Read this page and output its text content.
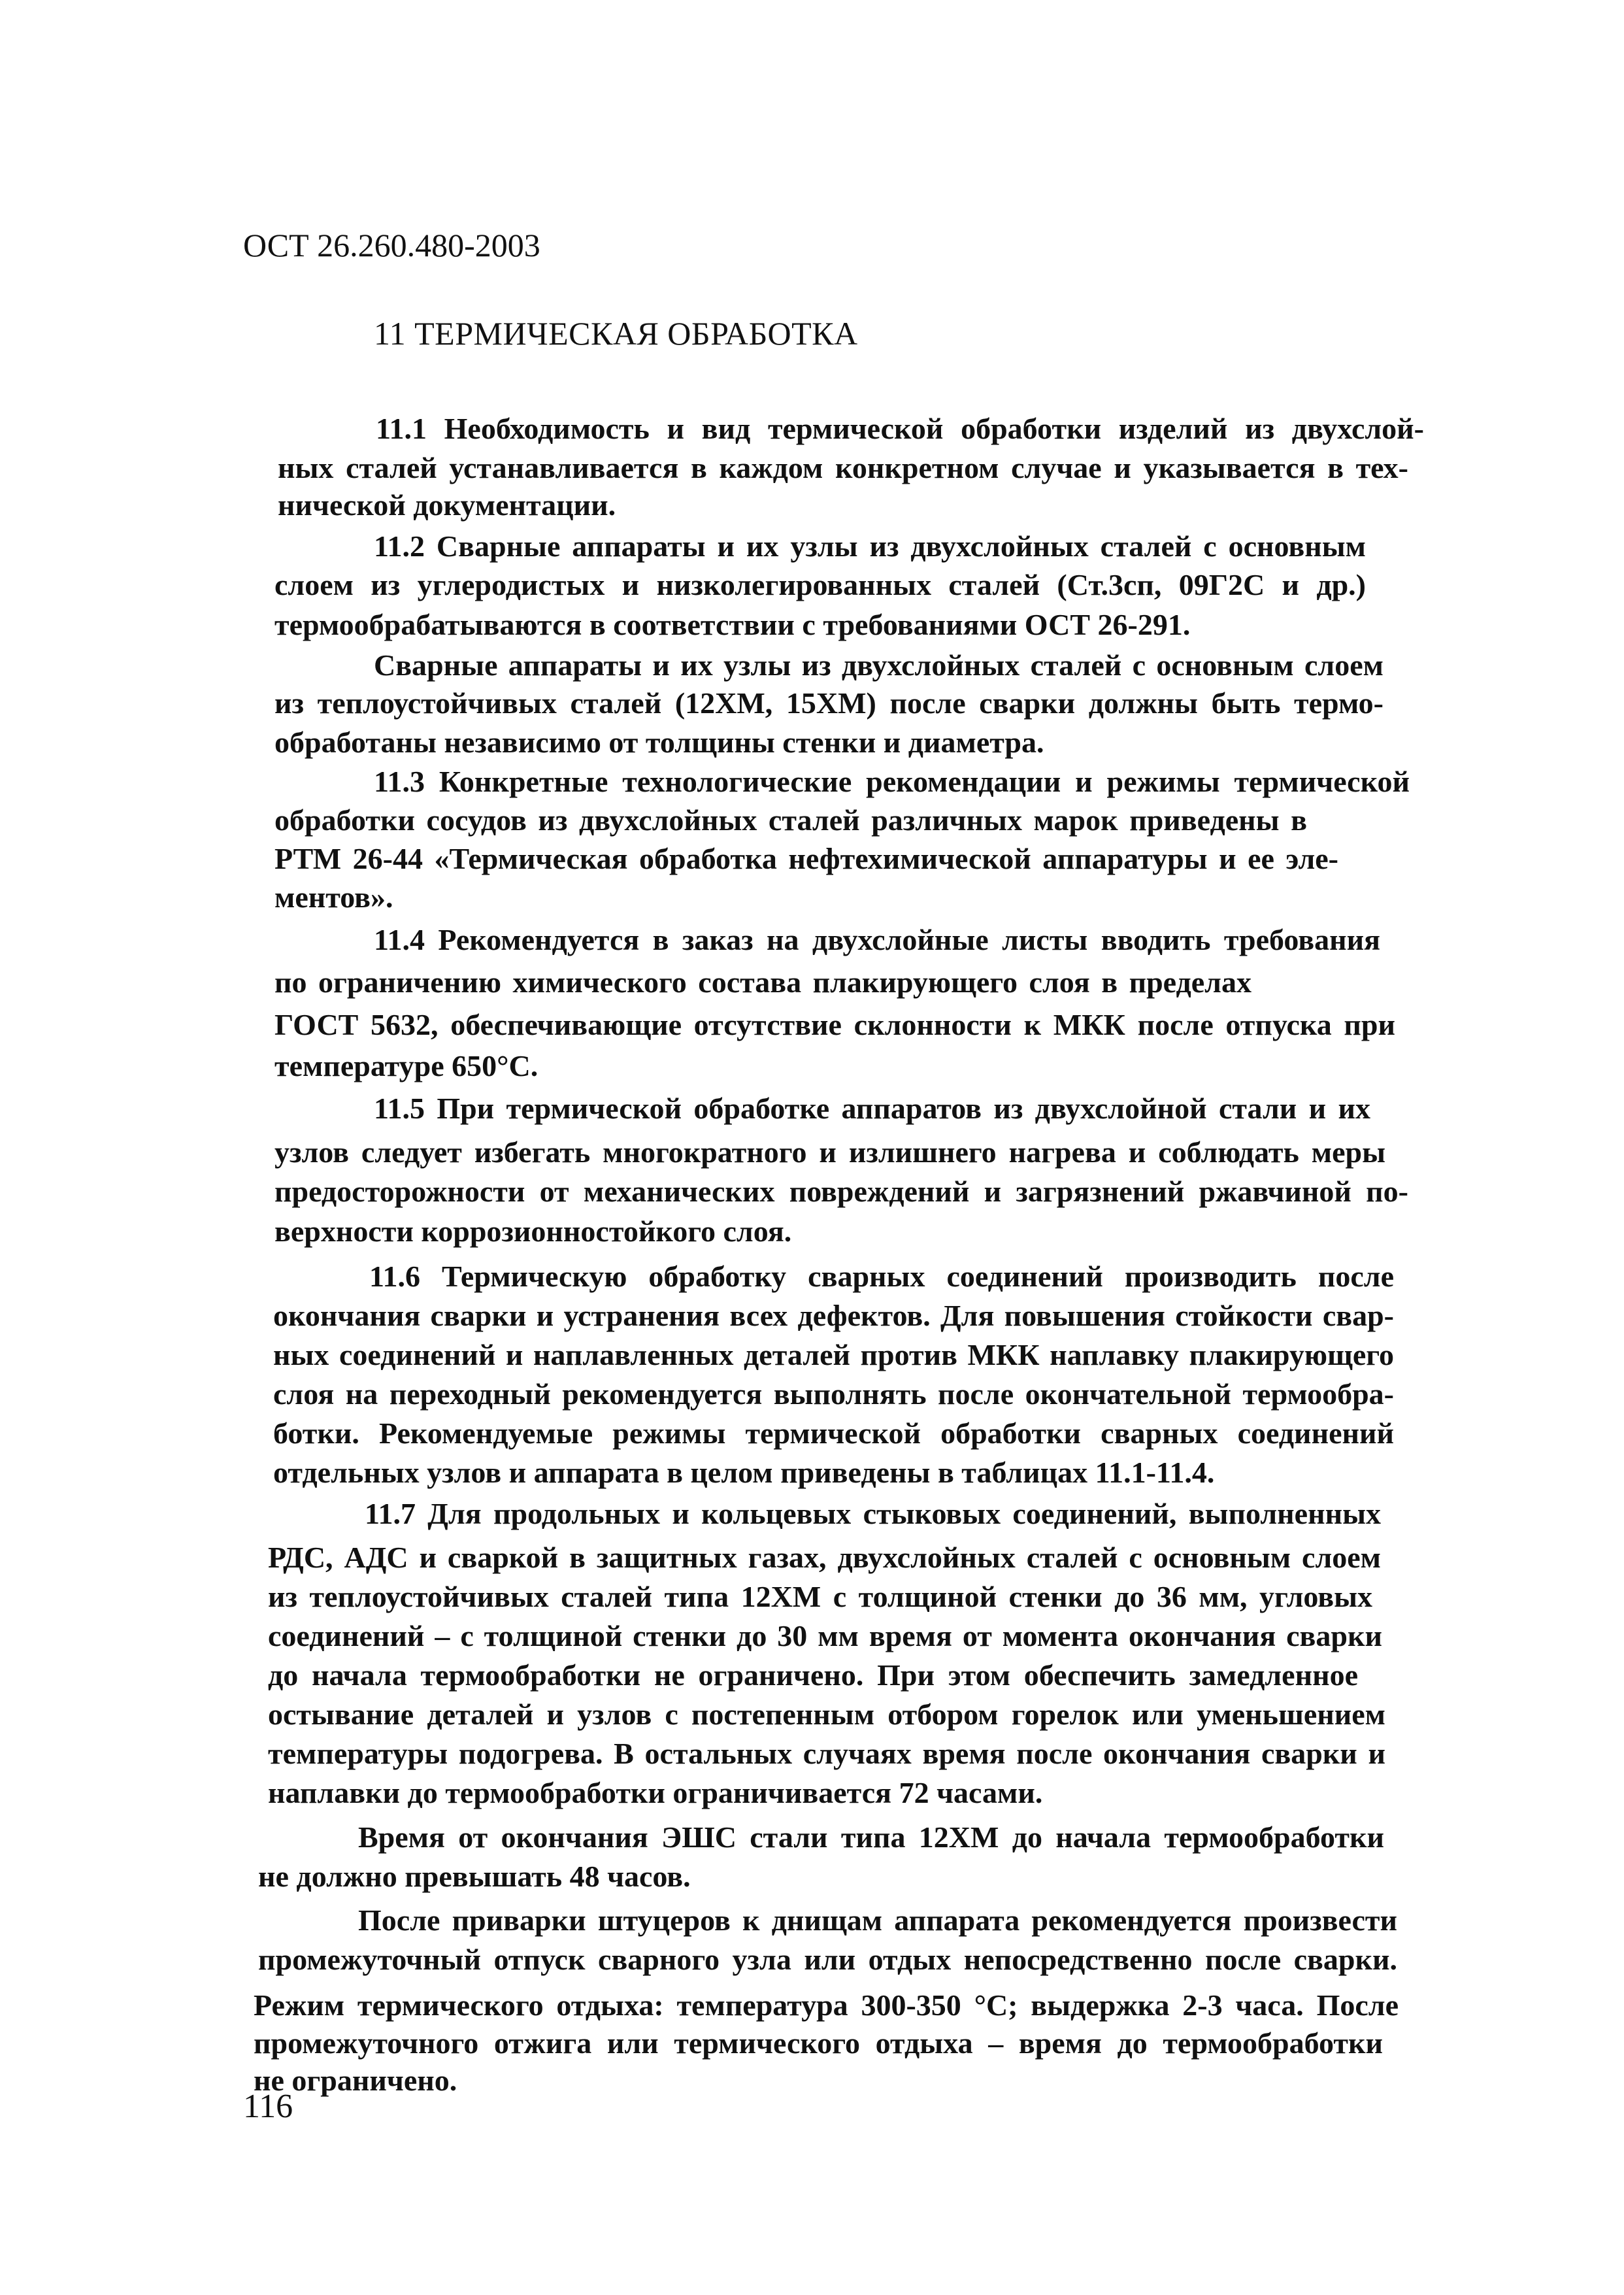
ОСТ 26.260.480-2003
11 ТЕРМИЧЕСКАЯ ОБРАБОТКА
11.1 Необходимость и вид термической обработки изделий из двухслой-
ных сталей устанавливается в каждом конкретном случае и указывается в тех-
нической документации.
11.2 Сварные аппараты и их узлы из двухслойных сталей с основным
слоем из углеродистых и низколегированных сталей (Ст.3сп, 09Г2С и др.)
термообрабатываются в соответствии с требованиями ОСТ 26-291.
Сварные аппараты и их узлы из двухслойных сталей с основным слоем
из теплоустойчивых сталей (12ХМ, 15ХМ) после сварки должны быть термо-
обработаны независимо от толщины стенки и диаметра.
11.3 Конкретные технологические рекомендации и режимы термической
обработки сосудов из двухслойных сталей различных марок приведены в
РТМ 26-44 «Термическая обработка нефтехимической аппаратуры и ее эле-
ментов».
11.4 Рекомендуется в заказ на двухслойные листы вводить требования
по ограничению химического состава плакирующего слоя в пределах
ГОСТ 5632, обеспечивающие отсутствие склонности к МКК после отпуска при
температуре 650°С.
11.5 При термической обработке аппаратов из двухслойной стали и их
узлов следует избегать многократного и излишнего нагрева и соблюдать меры
предосторожности от механических повреждений и загрязнений ржавчиной по-
верхности коррозионностойкого слоя.
11.6 Термическую обработку сварных соединений производить после
окончания сварки и устранения всех дефектов. Для повышения стойкости свар-
ных соединений и наплавленных деталей против МКК наплавку плакирующего
слоя на переходный рекомендуется выполнять после окончательной термообра-
ботки. Рекомендуемые режимы термической обработки сварных соединений
отдельных узлов и аппарата в целом приведены в таблицах 11.1-11.4.
11.7 Для продольных и кольцевых стыковых соединений, выполненных
РДС, АДС и сваркой в защитных газах, двухслойных сталей с основным слоем
из теплоустойчивых сталей типа 12ХМ с толщиной стенки до 36 мм, угловых
соединений – с толщиной стенки до 30 мм время от момента окончания сварки
до начала термообработки не ограничено. При этом обеспечить замедленное
остывание деталей и узлов с постепенным отбором горелок или уменьшением
температуры подогрева. В остальных случаях время после окончания сварки и
наплавки до термообработки ограничивается 72 часами.
Время от окончания ЭШС стали типа 12ХМ до начала термообработки
не должно превышать 48 часов.
После приварки штуцеров к днищам аппарата рекомендуется произвести
промежуточный отпуск сварного узла или отдых непосредственно после сварки.
Режим термического отдыха: температура 300-350 °С; выдержка 2-3 часа. После
промежуточного отжига или термического отдыха – время до термообработки
не ограничено.
116
